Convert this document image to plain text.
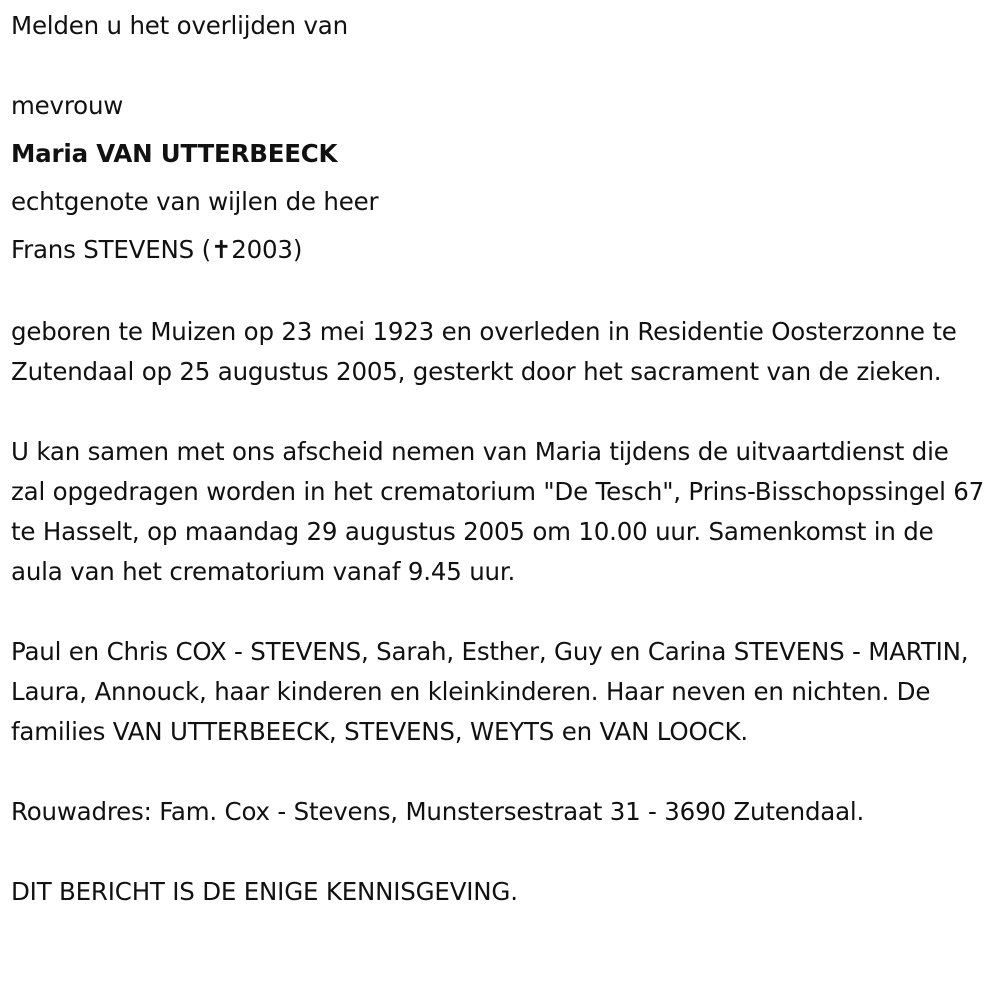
Melden u het overlijden van

mevrouw

Maria VAN UTTERBEECK

echtgenote van wijlen de heer

Frans STEVENS (✝2003)

geboren te Muizen op 23 mei 1923 en overleden in Residentie Oosterzonne te Zutendaal op 25 augustus 2005, gesterkt door het sacrament van de zieken.

U kan samen met ons afscheid nemen van Maria tijdens de uitvaartdienst die zal opgedragen worden in het crematorium "De Tesch", Prins-Bisschopssingel 67 te Hasselt, op maandag 29 augustus 2005 om 10.00 uur. Samenkomst in de aula van het crematorium vanaf 9.45 uur.

Paul en Chris COX - STEVENS, Sarah, Esther, Guy en Carina STEVENS - MARTIN, Laura, Annouck, haar kinderen en kleinkinderen. Haar neven en nichten. De families VAN UTTERBEECK, STEVENS, WEYTS en VAN LOOCK.

Rouwadres: Fam. Cox - Stevens, Munstersestraat 31 - 3690 Zutendaal.

DIT BERICHT IS DE ENIGE KENNISGEVING.
